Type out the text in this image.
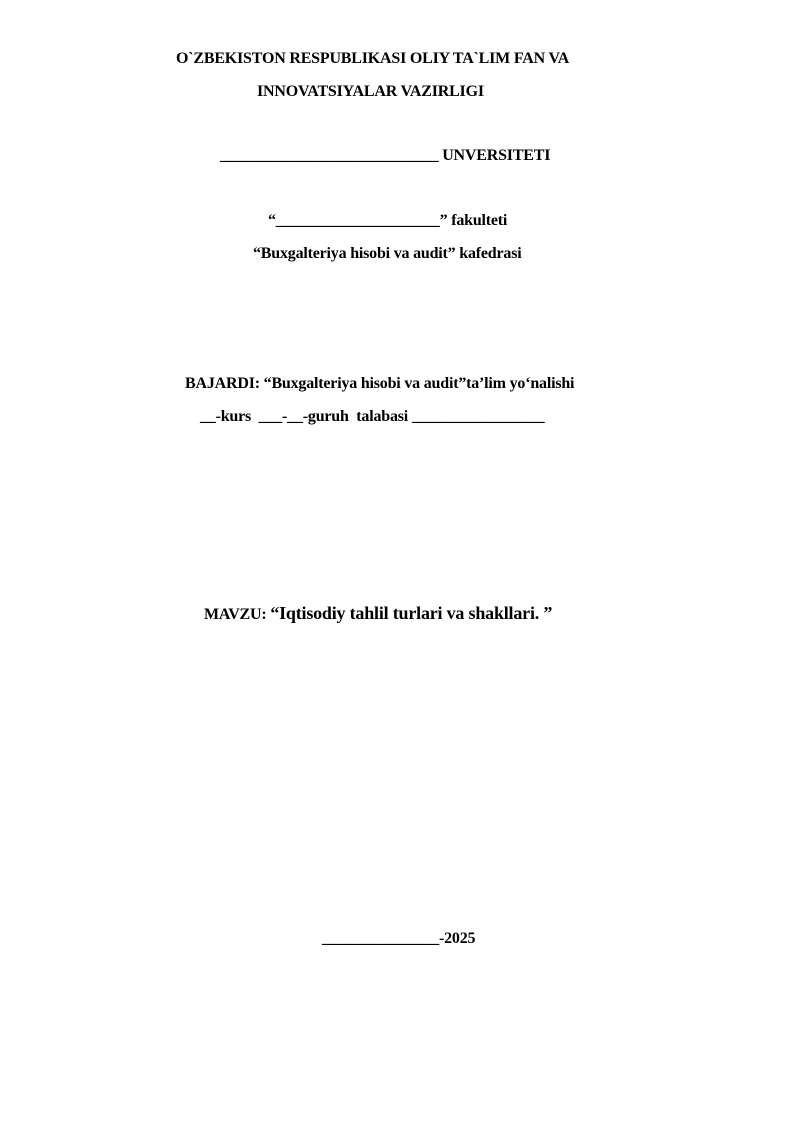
O`ZBEKISTON RESPUBLIKASI OLIY TA`LIM FAN VA
INNOVATSIYALAR VAZIRLIGI
____________________________ UNVERSITETI
“_____________________” fakulteti
“Buxgalteriya hisobi va audit” kafedrasi
BAJARDI: “Buxgalteriya hisobi va audit”ta’lim yo‘nalishi
__-kurs  ___-__-guruh  talabasi _________________
MAVZU: “Iqtisodiy tahlil turlari va shakllari. ”
_______________-2025
